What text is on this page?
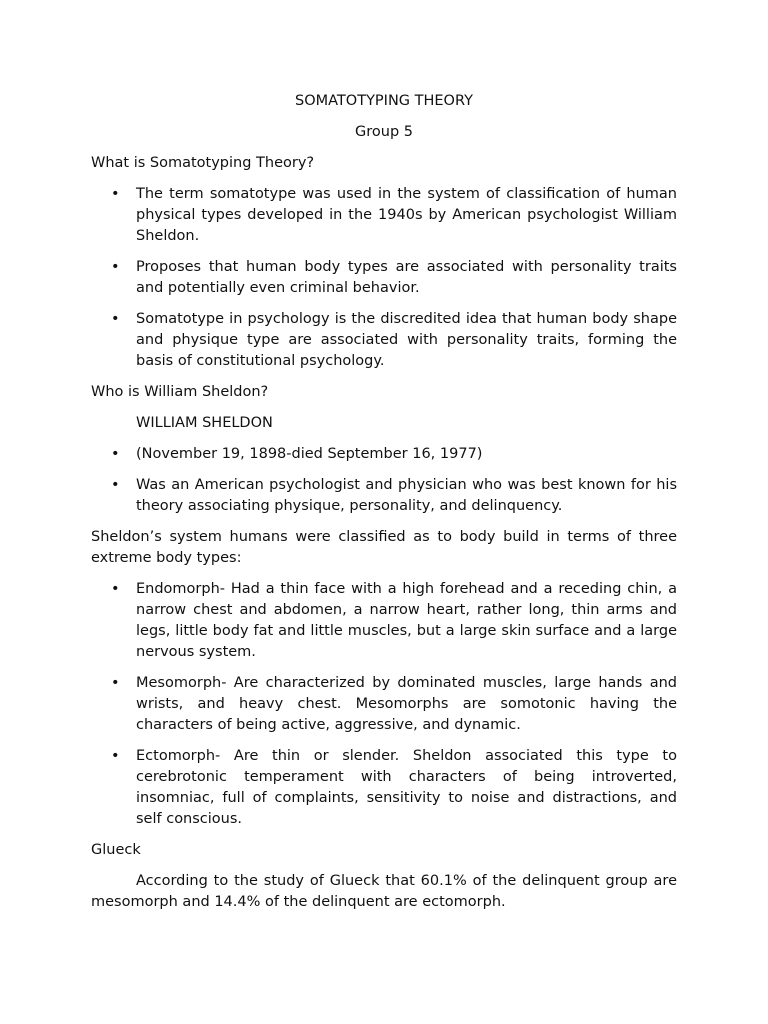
SOMATOTYPING THEORY

Group 5

What is Somatotyping Theory?

• The term somatotype was used in the system of classification of human physical types developed in the 1940s by American psychologist William Sheldon.
• Proposes that human body types are associated with personality traits and potentially even criminal behavior.
• Somatotype in psychology is the discredited idea that human body shape and physique type are associated with personality traits, forming the basis of constitutional psychology.

Who is William Sheldon?

WILLIAM SHELDON

• (November 19, 1898-died September 16, 1977)
• Was an American psychologist and physician who was best known for his theory associating physique, personality, and delinquency.

Sheldon’s system humans were classified as to body build in terms of three extreme body types:

• Endomorph- Had a thin face with a high forehead and a receding chin, a narrow chest and abdomen, a narrow heart, rather long, thin arms and legs, little body fat and little muscles, but a large skin surface and a large nervous system.
• Mesomorph- Are characterized by dominated muscles, large hands and wrists, and heavy chest. Mesomorphs are somotonic having the characters of being active, aggressive, and dynamic.
• Ectomorph- Are thin or slender. Sheldon associated this type to cerebrotonic temperament with characters of being introverted, insomniac, full of complaints, sensitivity to noise and distractions, and self conscious.

Glueck

According to the study of Glueck that 60.1% of the delinquent group are mesomorph and 14.4% of the delinquent are ectomorph.
